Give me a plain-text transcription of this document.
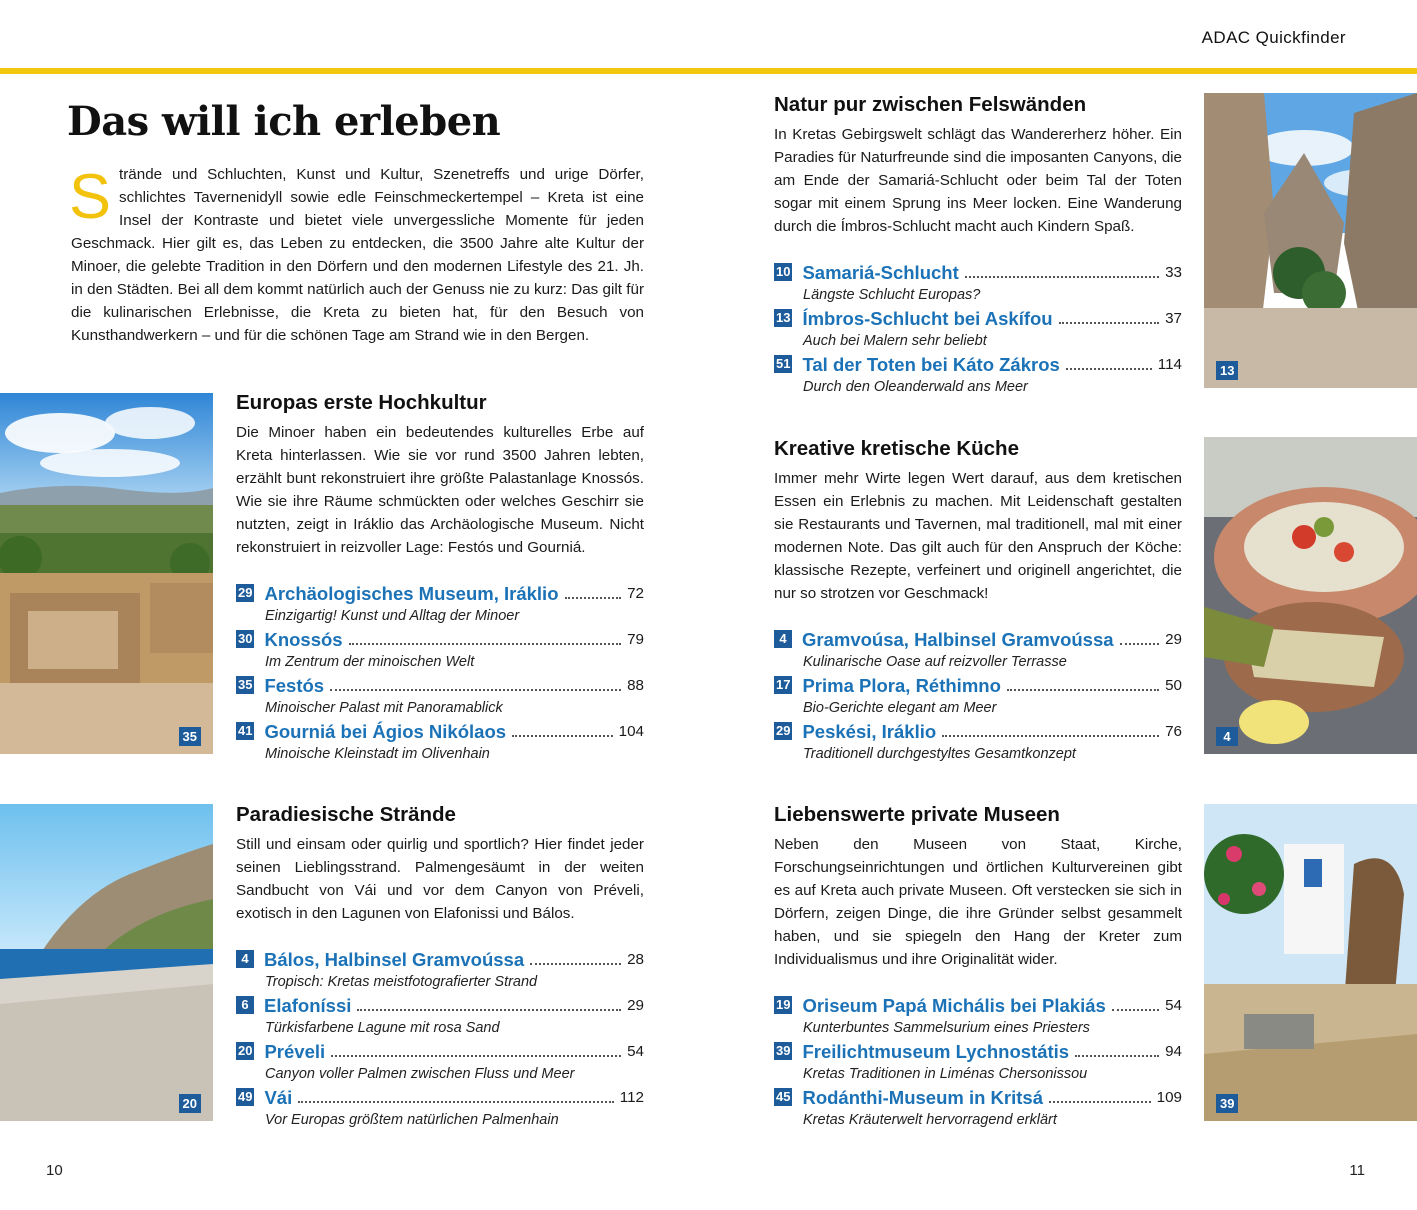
ADAC Quickfinder
Das will ich erleben

Strände und Schluchten, Kunst und Kultur, Szenetreffs und urige Dörfer, schlichtes Tavernenidyll sowie edle Feinschmeckertempel – Kreta ist eine Insel der Kontraste und bietet viele unvergessliche Momente für jeden Geschmack. Hier gilt es, das Leben zu entdecken, die 3500 Jahre alte Kultur der Minoer, die gelebte Tradition in den Dörfern und den modernen Lifestyle des 21. Jh. in den Städten. Bei all dem kommt natürlich auch der Genuss nie zu kurz: Das gilt für die kulinarischen Erlebnisse, die Kreta zu bieten hat, für den Besuch von Kunsthandwerkern – und für die schönen Tage am Strand wie in den Bergen.

35
20
13
4
39
Europas erste Hochkultur

Die Minoer haben ein bedeutendes kulturelles Erbe auf Kreta hinterlassen. Wie sie vor rund 3500 Jahren lebten, erzählt bunt rekonstruiert ihre größte Palastanlage Knossós. Wie sie ihre Räume schmückten oder welches Geschirr sie nutzten, zeigt in Iráklio das Archäologische Museum. Nicht rekonstruiert in reizvoller Lage: Festós und Gourniá.

29 Archäologisches Museum, Iráklio	72
Einzigartig! Kunst und Alltag der Minoer
30 Knossós	79
Im Zentrum der minoischen Welt
35 Festós	88
Minoischer Palast mit Panoramablick
41 Gourniá bei Ágios Nikólaos	104
Minoische Kleinstadt im Olivenhain
Paradiesische Strände

Still und einsam oder quirlig und sportlich? Hier findet jeder seinen Lieblingsstrand. Palmengesäumt in der weiten Sandbucht von Vái und vor dem Canyon von Préveli, exotisch in den Lagunen von Elafonissi und Bálos.

4 Bálos, Halbinsel Gramvoússa	28
Tropisch: Kretas meistfotografierter Strand
6 Elafoníssi	29
Türkisfarbene Lagune mit rosa Sand
20 Préveli	54
Canyon voller Palmen zwischen Fluss und Meer
49 Vái	112
Vor Europas größtem natürlichen Palmenhain
Natur pur zwischen Felswänden

In Kretas Gebirgswelt schlägt das Wandererherz höher. Ein Paradies für Naturfreunde sind die imposanten Canyons, die am Ende der Samariá-Schlucht oder beim Tal der Toten sogar mit einem Sprung ins Meer locken. Eine Wanderung durch die Ímbros-Schlucht macht auch Kindern Spaß.

10 Samariá-Schlucht	33
Längste Schlucht Europas?
13 Ímbros-Schlucht bei Askífou	37
Auch bei Malern sehr beliebt
51 Tal der Toten bei Káto Zákros	114
Durch den Oleanderwald ans Meer
Kreative kretische Küche

Immer mehr Wirte legen Wert darauf, aus dem kretischen Essen ein Erlebnis zu machen. Mit Leidenschaft gestalten sie Restaurants und Tavernen, mal traditionell, mal mit einer modernen Note. Das gilt auch für den Anspruch der Köche: klassische Rezepte, verfeinert und originell angerichtet, die nur so strotzen vor Geschmack!

4 Gramvoúsa, Halbinsel Gramvoússa	29
Kulinarische Oase auf reizvoller Terrasse
17 Prima Plora, Réthimno	50
Bio-Gerichte elegant am Meer
29 Peskési, Iráklio	76
Traditionell durchgestyltes Gesamtkonzept
Liebenswerte private Museen

Neben den Museen von Staat, Kirche, Forschungseinrichtungen und örtlichen Kulturvereinen gibt es auf Kreta auch private Museen. Oft verstecken sie sich in Dörfern, zeigen Dinge, die ihre Gründer selbst gesammelt haben, und sie spiegeln den Hang der Kreter zum Individualismus und ihre Originalität wider.

19 Oriseum Papá Michális bei Plakiás	54
Kunterbuntes Sammelsurium eines Priesters
39 Freilichtmuseum Lychnostátis	94
Kretas Traditionen in Liménas Chersonissou
45 Rodánthi-Museum in Kritsá	109
Kretas Kräuterwelt hervorragend erklärt
10	11
